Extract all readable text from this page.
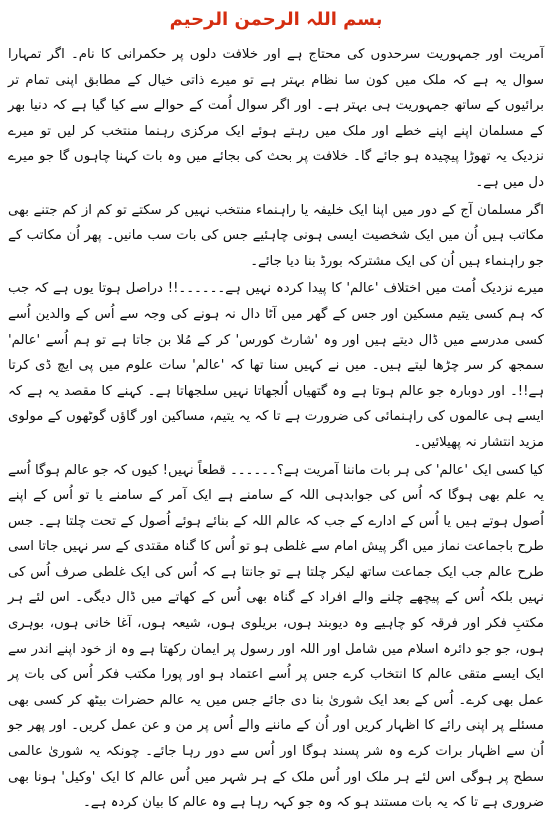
بسم اللہ الرحمن الرحیم

آمریت اور جمہوریت سرحدوں کی محتاج ہے اور خلافت دلوں پر حکمرانی کا نام۔ اگر تمہارا سوال یہ ہے کہ ملک میں کون سا نظام بہتر ہے تو میرے ذاتی خیال کے مطابق اپنی تمام تر برائیوں کے ساتھ جمہوریت ہی بہتر ہے۔ اور اگر سوال اُمت کے حوالے سے کیا گیا ہے کہ دنیا بھر کے مسلمان اپنے اپنے خطے اور ملک میں رہتے ہوئے ایک مرکزی رہنما منتخب کر لیں تو میرے نزدیک یہ تھوڑا پیچیدہ ہو جائے گا۔ خلافت پر بحث کی بجائے میں وہ بات کہنا چاہوں گا جو میرے دل میں ہے۔

اگر مسلمان آج کے دور میں اپنا ایک خلیفہ یا راہنماء منتخب نہیں کر سکتے تو کم از کم جتنے بھی مکاتب ہیں اُن میں ایک شخصیت ایسی ہونی چاہئیے جس کی بات سب مانیں۔ پھر اُن مکاتب کے جو راہنماء ہیں اُن کی ایک مشترکہ بورڈ بنا دیا جائے۔

میرے نزدیک اُمت میں اختلاف 'عالم' کا پیدا کردہ نہیں ہے۔۔۔۔۔۔!! دراصل ہوتا یوں ہے کہ جب کہ ہم کسی یتیم مسکین اور جس کے گھر میں آٹا دال نہ ہونے کی وجہ سے اُس کے والدین اُسے کسی مدرسے میں ڈال دیتے ہیں اور وہ 'شارٹ کورس' کر کے مُلا بن جاتا ہے تو ہم اُسے 'عالم' سمجھ کر سر چڑھا لیتے ہیں۔ میں نے کہیں سنا تھا کہ 'عالم' سات علوم میں پی ایچ ڈی کرتا ہے!!۔ اور دوبارہ جو عالم ہوتا ہے وہ گتھیاں اُلجھاتا نہیں سلجھاتا ہے۔ کہنے کا مقصد یہ ہے کہ ایسے ہی عالموں کی راہنمائی کی ضرورت ہے تا کہ یہ یتیم، مساکین اور گاؤں گوٹھوں کے مولوی مزید انتشار نہ پھیلائیں۔

کیا کسی ایک 'عالم' کی ہر بات ماننا آمریت ہے؟۔۔۔۔۔۔ قطعاً نہیں! کیوں کہ جو عالم ہوگا اُسے یہ علم بھی ہوگا کہ اُس کی جوابدہی اللہ کے سامنے ہے ایک آمر کے سامنے یا تو اُس کے اپنے اُصول ہوتے ہیں یا اُس کے ادارے کے جب کہ عالم اللہ کے بنائے ہوئے اُصول کے تحت چلتا ہے۔ جس طرح باجماعت نماز میں اگر پیش امام سے غلطی ہو تو اُس کا گناہ مقتدی کے سر نہیں جاتا اسی طرح عالم جب ایک جماعت ساتھ لیکر چلتا ہے تو جانتا ہے کہ اُس کی ایک غلطی صرف اُس کی نہیں بلکہ اُس کے پیچھے چلنے والے افراد کے گناہ بھی اُس کے کھاتے میں ڈال دیگی۔ اس لئے ہر مکتبِ فکر اور فرقہ کو چاہیے وہ دیوبند ہوں، بریلوی ہوں، شیعہ ہوں، آغا خانی ہوں، بوہری ہوں، جو جو دائرہ اسلام میں شامل اور اللہ اور رسول پر ایمان رکھتا ہے وہ از خود اپنے اندر سے ایک ایسے متقی عالم کا انتخاب کرے جس پر اُسے اعتماد ہو اور پورا مکتب فکر اُس کی بات پر عمل بھی کرے۔ اُس کے بعد ایک شوریٰ بنا دی جائے جس میں یہ عالم حضرات بیٹھ کر کسی بھی مسئلے پر اپنی رائے کا اظہار کریں اور اُن کے ماننے والے اُس پر من و عن عمل کریں۔ اور پھر جو اُن سے اظہار برات کرے وہ شر پسند ہوگا اور اُس سے دور رہا جائے۔ چونکہ یہ شوریٰ عالمی سطح پر ہوگی اس لئے ہر ملک اور اُس ملک کے ہر شہر میں اُس عالم کا ایک 'وکیل' ہونا بھی ضروری ہے تا کہ یہ بات مستند ہو کہ وہ جو کہہ رہا ہے وہ عالم کا بیان کردہ ہے۔
